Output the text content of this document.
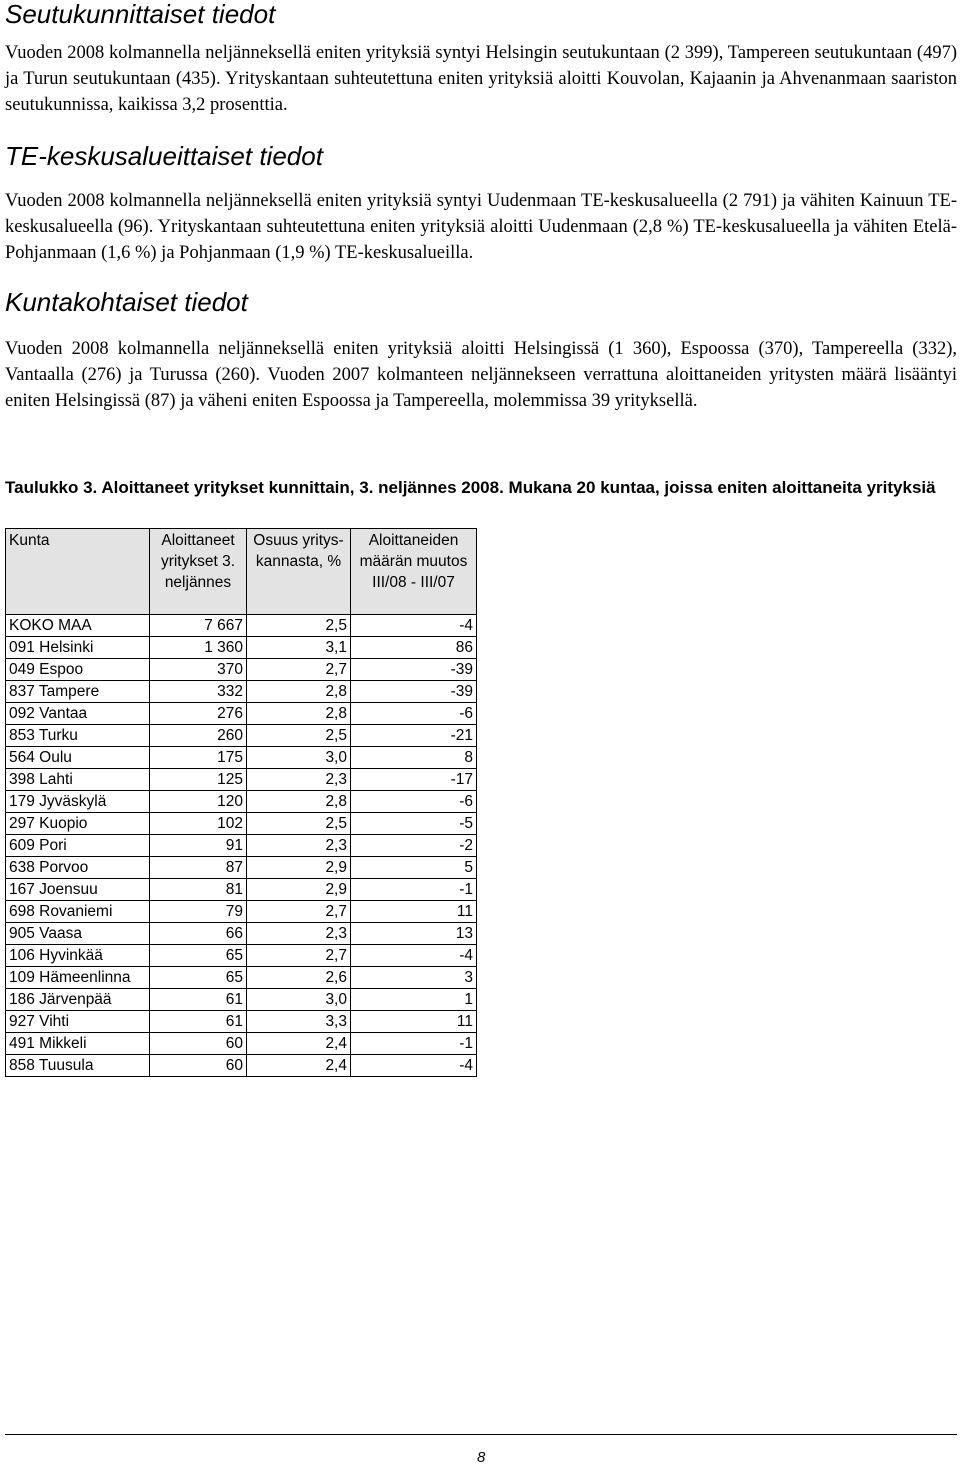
Seutukunnittaiset tiedot

Vuoden 2008 kolmannella neljänneksellä eniten yrityksiä syntyi Helsingin seutukuntaan (2 399), Tampereen seutukuntaan (497) ja Turun seutukuntaan (435). Yrityskantaan suhteutettuna eniten yrityksiä aloitti Kouvolan, Kajaanin ja Ahvenanmaan saariston seutukunnissa, kaikissa 3,2 prosenttia.

TE-keskusalueittaiset tiedot

Vuoden 2008 kolmannella neljänneksellä eniten yrityksiä syntyi Uudenmaan TE-keskusalueella (2 791) ja vähiten Kainuun TE-keskusalueella (96). Yrityskantaan suhteutettuna eniten yrityksiä aloitti Uudenmaan (2,8 %) TE-keskusalueella ja vähiten Etelä-Pohjanmaan (1,6 %) ja Pohjanmaan (1,9 %) TE-keskusalueilla.

Kuntakohtaiset tiedot

Vuoden 2008 kolmannella neljänneksellä eniten yrityksiä aloitti Helsingissä (1 360), Espoossa (370), Tampereella (332), Vantaalla (276) ja Turussa (260). Vuoden 2007 kolmanteen neljännekseen verrattuna aloittaneiden yritysten määrä lisääntyi eniten Helsingissä (87) ja väheni eniten Espoossa ja Tampereella, molemmissa 39 yrityksellä.

Taulukko 3. Aloittaneet yritykset kunnittain, 3. neljännes 2008. Mukana 20 kuntaa, joissa eniten aloittaneita yrityksiä
Kunta	Aloittaneet yritykset 3. neljännes	Osuus yritys-kannasta, %	Aloittaneiden määrän muutos III/08 - III/07
KOKO MAA	7 667	2,5	-4
091 Helsinki	1 360	3,1	86
049 Espoo	370	2,7	-39
837 Tampere	332	2,8	-39
092 Vantaa	276	2,8	-6
853 Turku	260	2,5	-21
564 Oulu	175	3,0	8
398 Lahti	125	2,3	-17
179 Jyväskylä	120	2,8	-6
297 Kuopio	102	2,5	-5
609 Pori	91	2,3	-2
638 Porvoo	87	2,9	5
167 Joensuu	81	2,9	-1
698 Rovaniemi	79	2,7	11
905 Vaasa	66	2,3	13
106 Hyvinkää	65	2,7	-4
109 Hämeenlinna	65	2,6	3
186 Järvenpää	61	3,0	1
927 Vihti	61	3,3	11
491 Mikkeli	60	2,4	-1
858 Tuusula	60	2,4	-4
8
